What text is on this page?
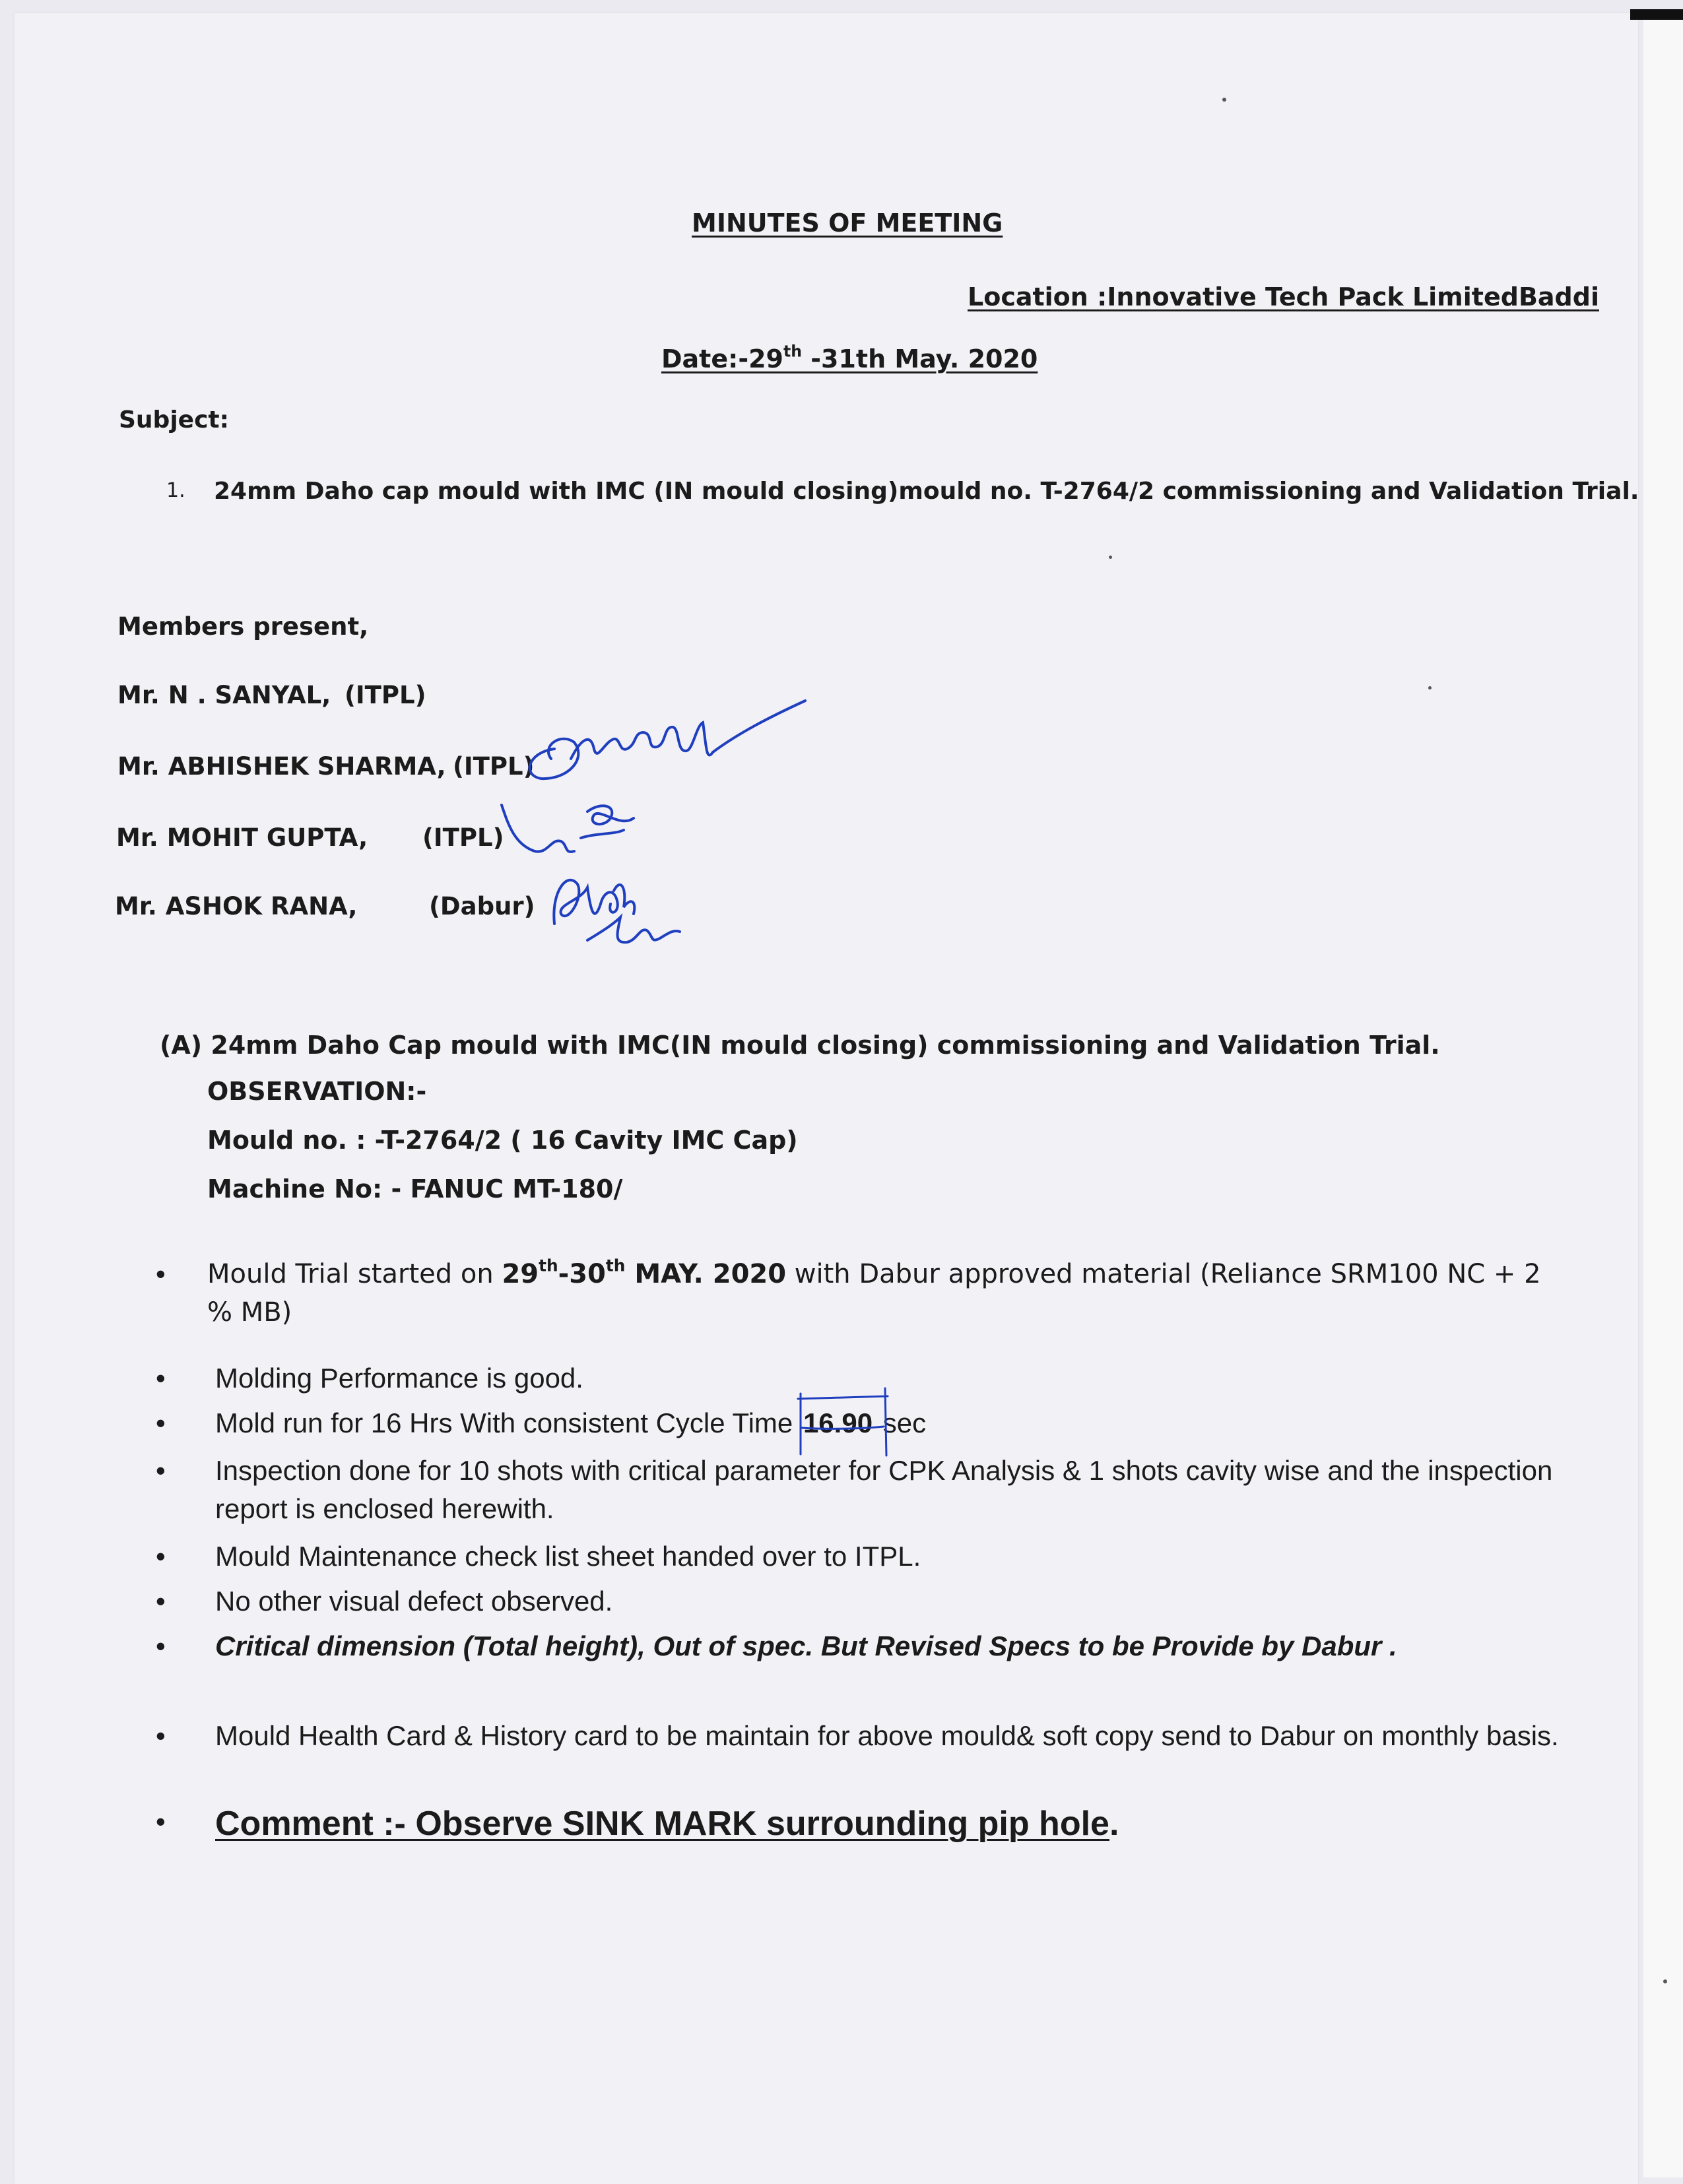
MINUTES OF MEETING
Location :Innovative Tech Pack LimitedBaddi
Date:-29th -31th May. 2020
Subject:
1. 24mm Daho cap mould with IMC (IN mould closing)mould no. T-2764/2 commissioning and Validation Trial.
Members present,
Mr. N . SANYAL, (ITPL)
Mr. ABHISHEK SHARMA, (ITPL)
Mr. MOHIT GUPTA, (ITPL)
Mr. ASHOK RANA,	(Dabur)
(A) 24mm Daho Cap mould with IMC(IN mould closing) commissioning and Validation Trial.
OBSERVATION:-
Mould no. : -T-2764/2 ( 16 Cavity IMC Cap)
Machine No: - FANUC MT-180/
• Mould Trial started on 29th-30th MAY. 2020 with Dabur approved material (Reliance SRM100 NC + 2 % MB)
• Molding Performance is good.
• Mold run for 16 Hrs With consistent Cycle Time
16.90 sec
• Inspection done for 10 shots with critical parameter for CPK Analysis & 1 shots cavity wise and the inspection report is enclosed herewith.
• Mould Maintenance check list sheet handed over to ITPL.
• No other visual defect observed.
• Critical dimension (Total height), Out of spec. But Revised Specs to be Provide by Dabur .
• Mould Health Card & History card to be maintain for above mould& soft copy send to Dabur on monthly basis.
• Comment :- Observe SINK MARK surrounding pip hole.
